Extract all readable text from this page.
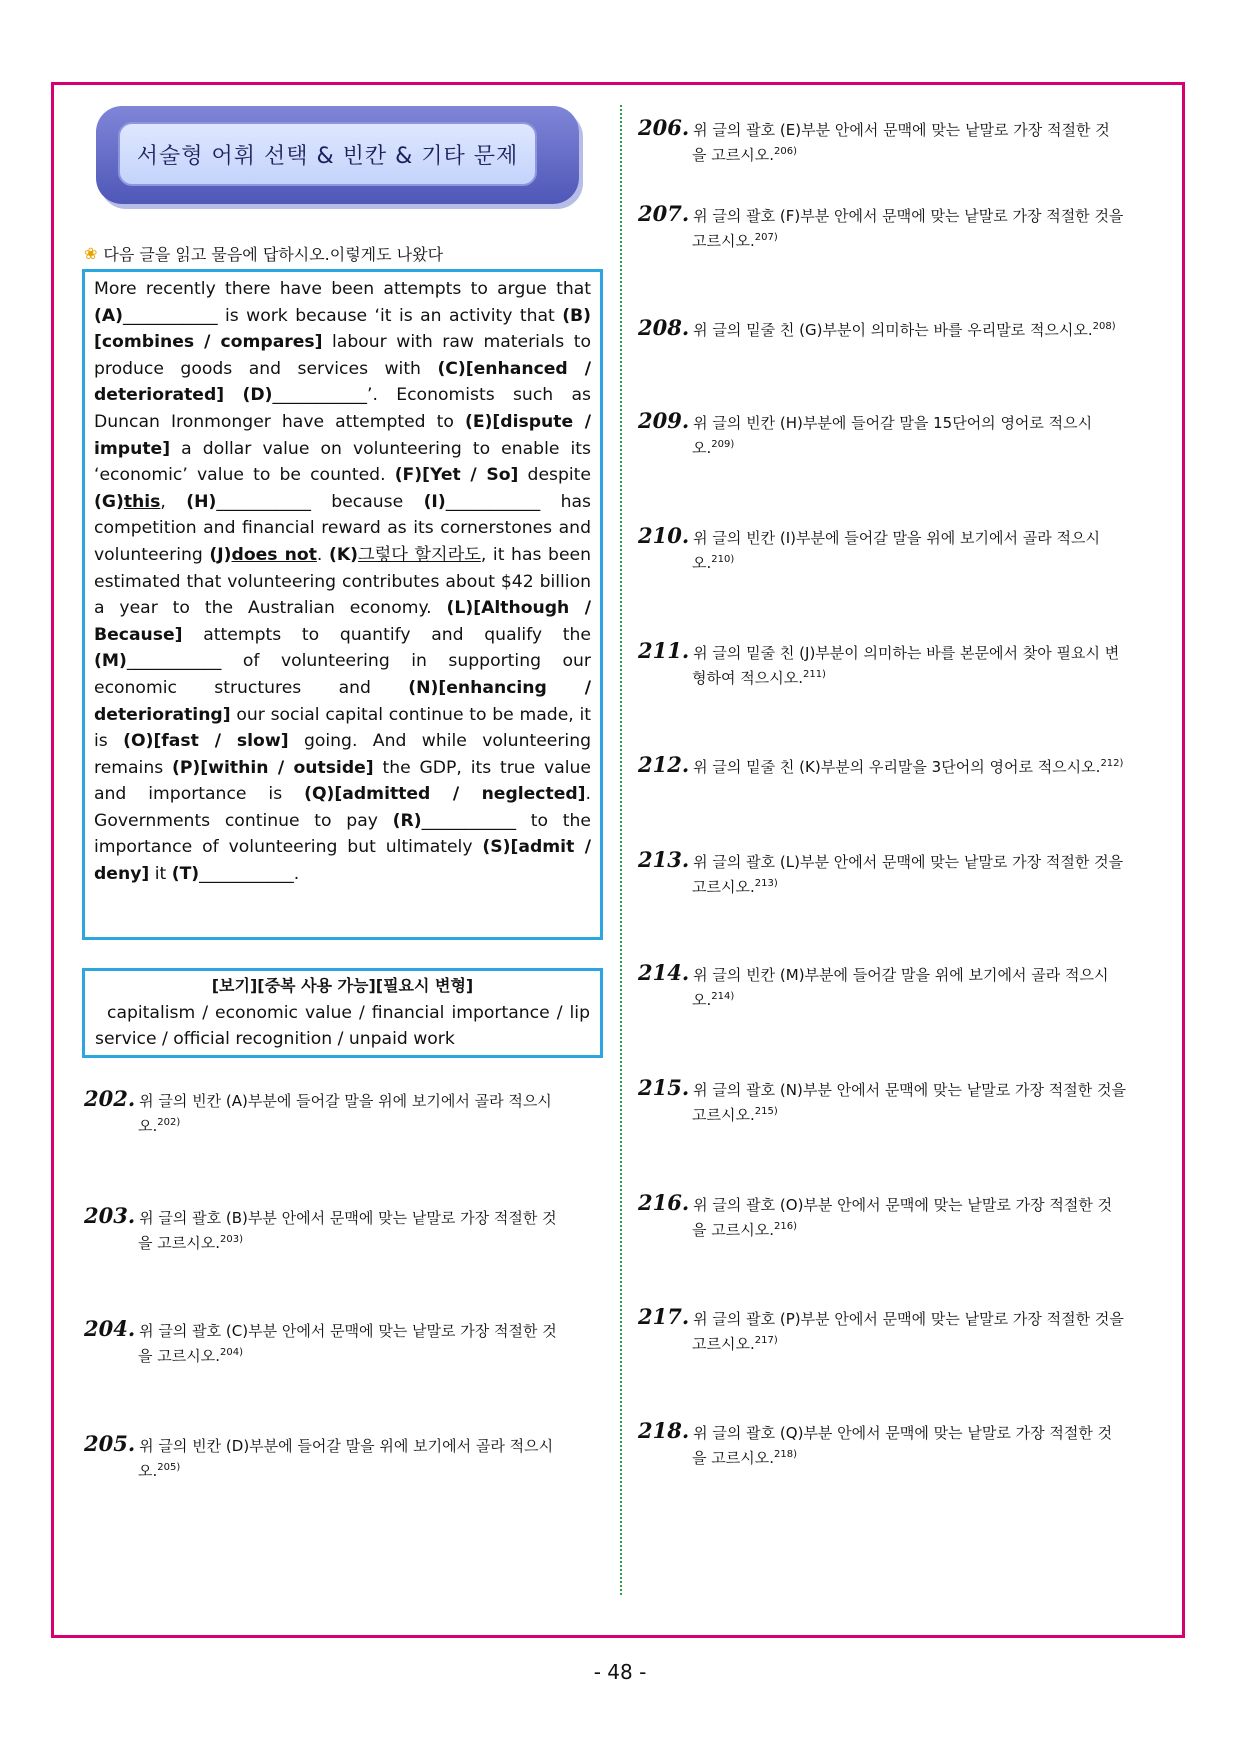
서술형 어휘 선택 & 빈칸 & 기타 문제
❀ 다음 글을 읽고 물음에 답하시오.이렇게도 나왔다
More recently there have been attempts to argue that (A)___________ is work because ‘it is an activity that (B)[combines / compares] labour with raw materials to produce goods and services with (C)[enhanced / deteriorated] (D)___________’. Economists such as Duncan Ironmonger have attempted to (E)[dispute / impute] a dollar value on volunteering to enable its ‘economic’ value to be counted. (F)[Yet / So] despite (G)this, (H)___________ because (I)___________ has competition and financial reward as its cornerstones and volunteering (J)does not. (K)그렇다 할지라도, it has been estimated that volunteering contributes about $42 billion a year to the Australian economy. (L)[Although / Because] attempts to quantify and qualify the (M)___________ of volunteering in supporting our economic structures and (N)[enhancing / deteriorating] our social capital continue to be made, it is (O)[fast / slow] going. And while volunteering remains (P)[within / outside] the GDP, its true value and importance is (Q)[admitted / neglected]. Governments continue to pay (R)___________ to the importance of volunteering but ultimately (S)[admit / deny] it (T)___________.
[보기][중복 사용 가능][필요시 변형]
capitalism / economic value / financial importance / lip service / official recognition / unpaid work
202. 위 글의 빈칸 (A)부분에 들어갈 말을 위에 보기에서 골라 적으시
오.$^{202)}$
203. 위 글의 괄호 (B)부분 안에서 문맥에 맞는 낱말로 가장 적절한 것
을 고르시오.$^{203)}$
204. 위 글의 괄호 (C)부분 안에서 문맥에 맞는 낱말로 가장 적절한 것
을 고르시오.$^{204)}$
205. 위 글의 빈칸 (D)부분에 들어갈 말을 위에 보기에서 골라 적으시
오.$^{205)}$
206. 위 글의 괄호 (E)부분 안에서 문맥에 맞는 낱말로 가장 적절한 것
을 고르시오.$^{206)}$
207. 위 글의 괄호 (F)부분 안에서 문맥에 맞는 낱말로 가장 적절한 것을
고르시오.$^{207)}$
208. 위 글의 밑줄 친 (G)부분이 의미하는 바를 우리말로 적으시오.$^{208)}$
209. 위 글의 빈칸 (H)부분에 들어갈 말을 15단어의 영어로 적으시
오.$^{209)}$
210. 위 글의 빈칸 (I)부분에 들어갈 말을 위에 보기에서 골라 적으시
오.$^{210)}$
211. 위 글의 밑줄 친 (J)부분이 의미하는 바를 본문에서 찾아 필요시 변
형하여 적으시오.$^{211)}$
212. 위 글의 밑줄 친 (K)부분의 우리말을 3단어의 영어로 적으시오.$^{212)}$
213. 위 글의 괄호 (L)부분 안에서 문맥에 맞는 낱말로 가장 적절한 것을
고르시오.$^{213)}$
214. 위 글의 빈칸 (M)부분에 들어갈 말을 위에 보기에서 골라 적으시
오.$^{214)}$
215. 위 글의 괄호 (N)부분 안에서 문맥에 맞는 낱말로 가장 적절한 것을
고르시오.$^{215)}$
216. 위 글의 괄호 (O)부분 안에서 문맥에 맞는 낱말로 가장 적절한 것
을 고르시오.$^{216)}$
217. 위 글의 괄호 (P)부분 안에서 문맥에 맞는 낱말로 가장 적절한 것을
고르시오.$^{217)}$
218. 위 글의 괄호 (Q)부분 안에서 문맥에 맞는 낱말로 가장 적절한 것
을 고르시오.$^{218)}$
- 48 -
